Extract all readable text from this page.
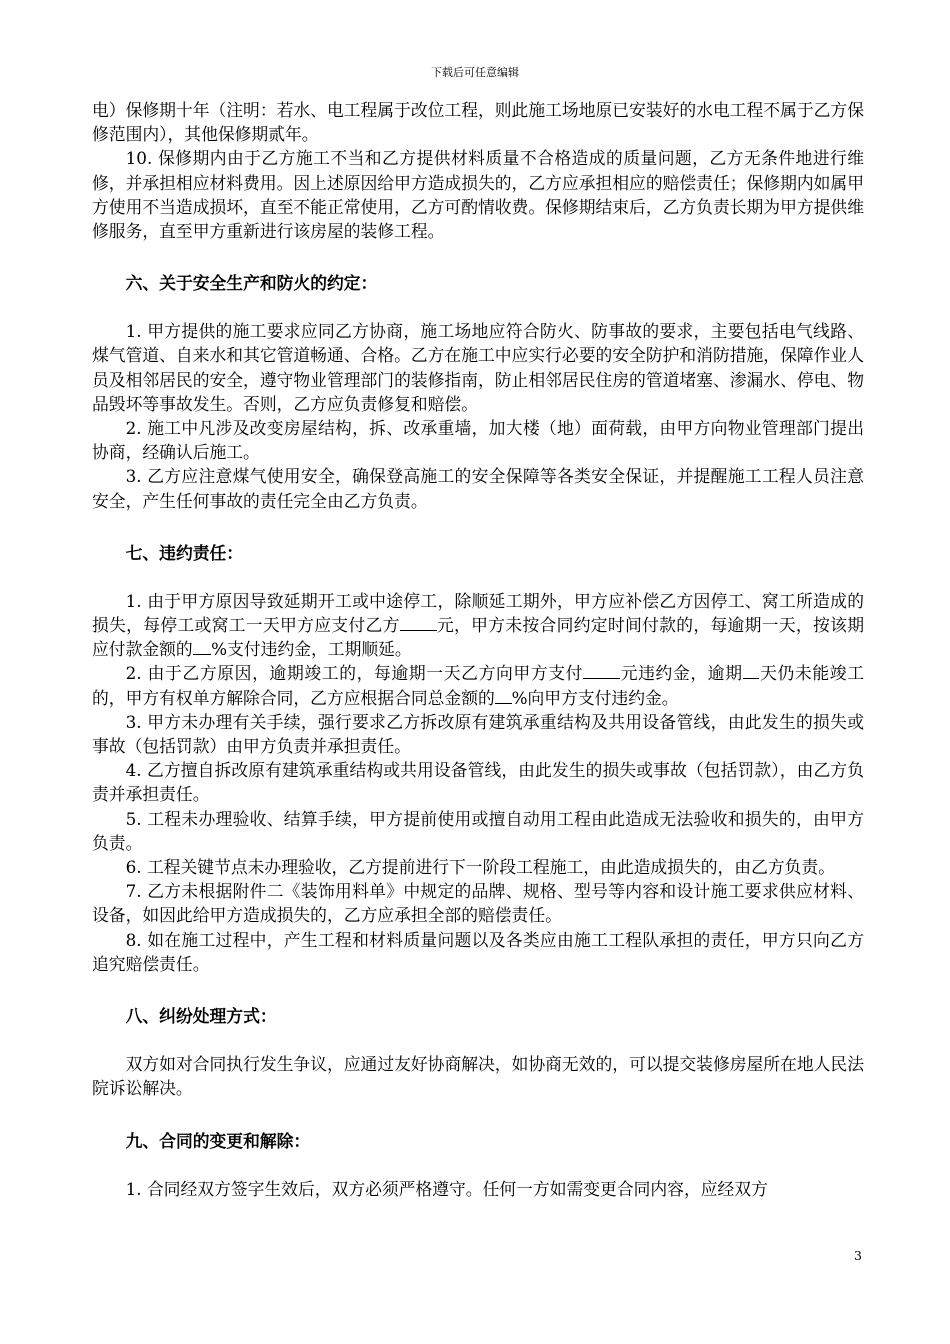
下载后可任意编辑

电）保修期十年（注明：若水、电工程属于改位工程，则此施工场地原已安装好的水电工程不属于乙方保修范围内），其他保修期贰年。

10. 保修期内由于乙方施工不当和乙方提供材料质量不合格造成的质量问题，乙方无条件地进行维修，并承担相应材料费用。因上述原因给甲方造成损失的，乙方应承担相应的赔偿责任；保修期内如属甲方使用不当造成损坏，直至不能正常使用，乙方可酌情收费。保修期结束后，乙方负责长期为甲方提供维修服务，直至甲方重新进行该房屋的装修工程。

六、关于安全生产和防火的约定：

1. 甲方提供的施工要求应同乙方协商，施工场地应符合防火、防事故的要求，主要包括电气线路、煤气管道、自来水和其它管道畅通、合格。乙方在施工中应实行必要的安全防护和消防措施，保障作业人员及相邻居民的安全，遵守物业管理部门的装修指南，防止相邻居民住房的管道堵塞、渗漏水、停电、物品毁坏等事故发生。否则，乙方应负责修复和赔偿。

2. 施工中凡涉及改变房屋结构，拆、改承重墙，加大楼（地）面荷载，由甲方向物业管理部门提出协商，经确认后施工。

3. 乙方应注意煤气使用安全，确保登高施工的安全保障等各类安全保证，并提醒施工工程人员注意安全，产生任何事故的责任完全由乙方负责。

七、违约责任：

1. 由于甲方原因导致延期开工或中途停工，除顺延工期外，甲方应补偿乙方因停工、窝工所造成的损失，每停工或窝工一天甲方应支付乙方 元，甲方未按合同约定时间付款的，每逾期一天，按该期应付款金额的 %支付违约金，工期顺延。

2. 由于乙方原因，逾期竣工的，每逾期一天乙方向甲方支付 元违约金，逾期 天仍未能竣工的，甲方有权单方解除合同，乙方应根据合同总金额的 %向甲方支付违约金。

3. 甲方未办理有关手续，强行要求乙方拆改原有建筑承重结构及共用设备管线，由此发生的损失或事故（包括罚款）由甲方负责并承担责任。

4. 乙方擅自拆改原有建筑承重结构或共用设备管线，由此发生的损失或事故（包括罚款），由乙方负责并承担责任。

5. 工程未办理验收、结算手续，甲方提前使用或擅自动用工程由此造成无法验收和损失的，由甲方负责。

6. 工程关键节点未办理验收，乙方提前进行下一阶段工程施工，由此造成损失的，由乙方负责。

7. 乙方未根据附件二《装饰用料单》中规定的品牌、规格、型号等内容和设计施工要求供应材料、设备，如因此给甲方造成损失的，乙方应承担全部的赔偿责任。

8. 如在施工过程中，产生工程和材料质量问题以及各类应由施工工程队承担的责任，甲方只向乙方追究赔偿责任。

八、纠纷处理方式：

双方如对合同执行发生争议，应通过友好协商解决，如协商无效的，可以提交装修房屋所在地人民法院诉讼解决。

九、合同的变更和解除：

1. 合同经双方签字生效后，双方必须严格遵守。任何一方如需变更合同内容，应经双方

3
